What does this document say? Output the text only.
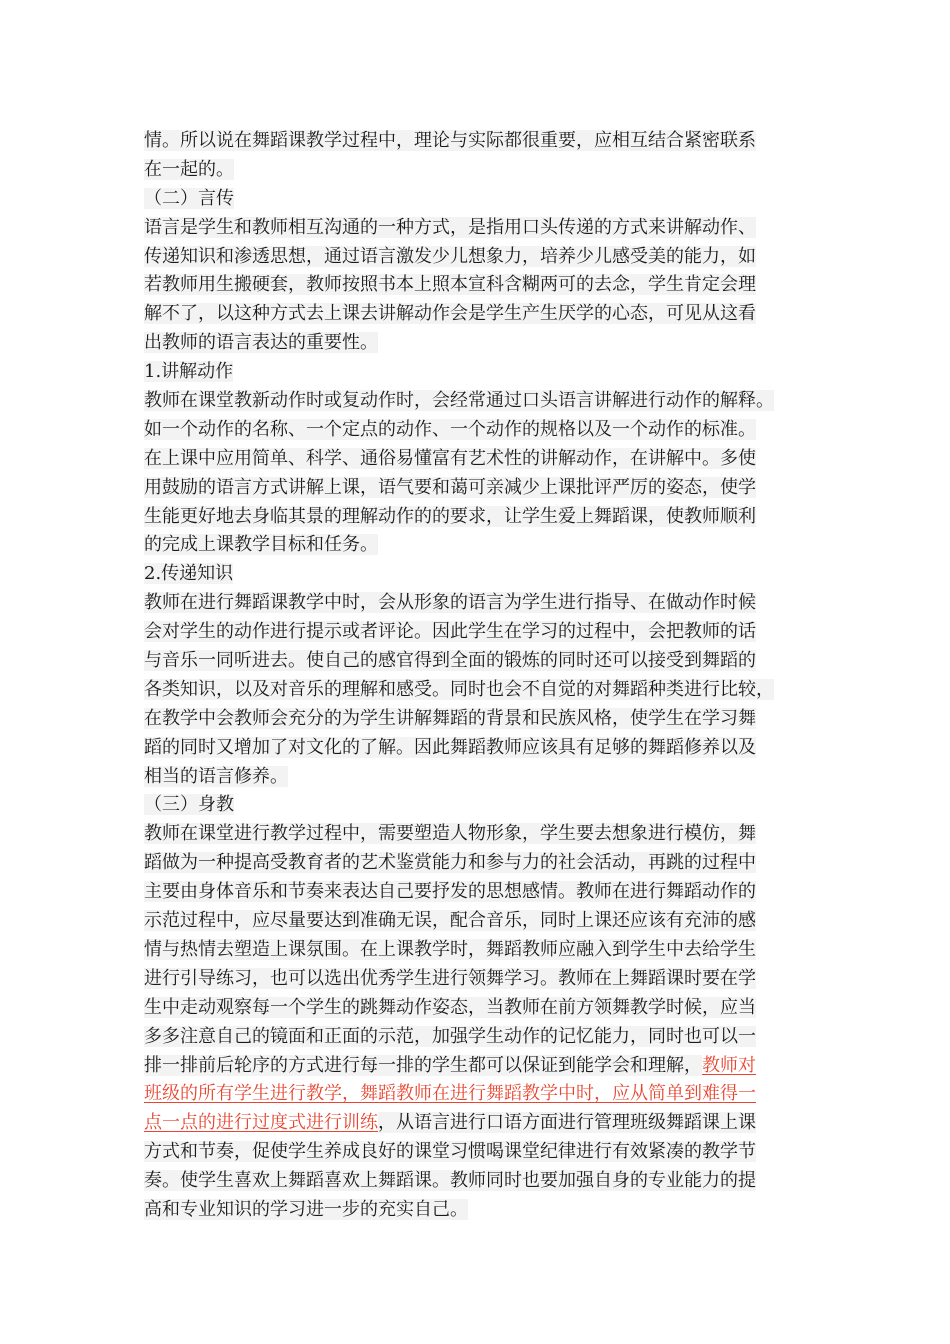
情。所以说在舞蹈课教学过程中，理论与实际都很重要，应相互结合紧密联系
在一起的。
（二）言传
语言是学生和教师相互沟通的一种方式，是指用口头传递的方式来讲解动作、
传递知识和渗透思想，通过语言激发少儿想象力，培养少儿感受美的能力，如
若教师用生搬硬套，教师按照书本上照本宣科含糊两可的去念，学生肯定会理
解不了，以这种方式去上课去讲解动作会是学生产生厌学的心态，可见从这看
出教师的语言表达的重要性。
1.讲解动作
教师在课堂教新动作时或复动作时，会经常通过口头语言讲解进行动作的解释。
如一个动作的名称、一个定点的动作、一个动作的规格以及一个动作的标准。
在上课中应用简单、科学、通俗易懂富有艺术性的讲解动作，在讲解中。多使
用鼓励的语言方式讲解上课，语气要和蔼可亲减少上课批评严厉的姿态，使学
生能更好地去身临其景的理解动作的的要求，让学生爱上舞蹈课，使教师顺利
的完成上课教学目标和任务。
2.传递知识
教师在进行舞蹈课教学中时，会从形象的语言为学生进行指导、在做动作时候
会对学生的动作进行提示或者评论。因此学生在学习的过程中，会把教师的话
与音乐一同听进去。使自己的感官得到全面的锻炼的同时还可以接受到舞蹈的
各类知识，以及对音乐的理解和感受。同时也会不自觉的对舞蹈种类进行比较，
在教学中会教师会充分的为学生讲解舞蹈的背景和民族风格，使学生在学习舞
蹈的同时又增加了对文化的了解。因此舞蹈教师应该具有足够的舞蹈修养以及
相当的语言修养。
（三）身教
教师在课堂进行教学过程中，需要塑造人物形象，学生要去想象进行模仿，舞
蹈做为一种提高受教育者的艺术鉴赏能力和参与力的社会活动，再跳的过程中
主要由身体音乐和节奏来表达自己要抒发的思想感情。教师在进行舞蹈动作的
示范过程中，应尽量要达到准确无误，配合音乐，同时上课还应该有充沛的感
情与热情去塑造上课氛围。在上课教学时，舞蹈教师应融入到学生中去给学生
进行引导练习，也可以选出优秀学生进行领舞学习。教师在上舞蹈课时要在学
生中走动观察每一个学生的跳舞动作姿态，当教师在前方领舞教学时候，应当
多多注意自己的镜面和正面的示范，加强学生动作的记忆能力，同时也可以一
排一排前后轮序的方式进行每一排的学生都可以保证到能学会和理解，教师对
班级的所有学生进行教学，舞蹈教师在进行舞蹈教学中时，应从简单到难得一
点一点的进行过度式进行训练，从语言进行口语方面进行管理班级舞蹈课上课
方式和节奏，促使学生养成良好的课堂习惯喝课堂纪律进行有效紧凑的教学节
奏。使学生喜欢上舞蹈喜欢上舞蹈课。教师同时也要加强自身的专业能力的提
高和专业知识的学习进一步的充实自己。
